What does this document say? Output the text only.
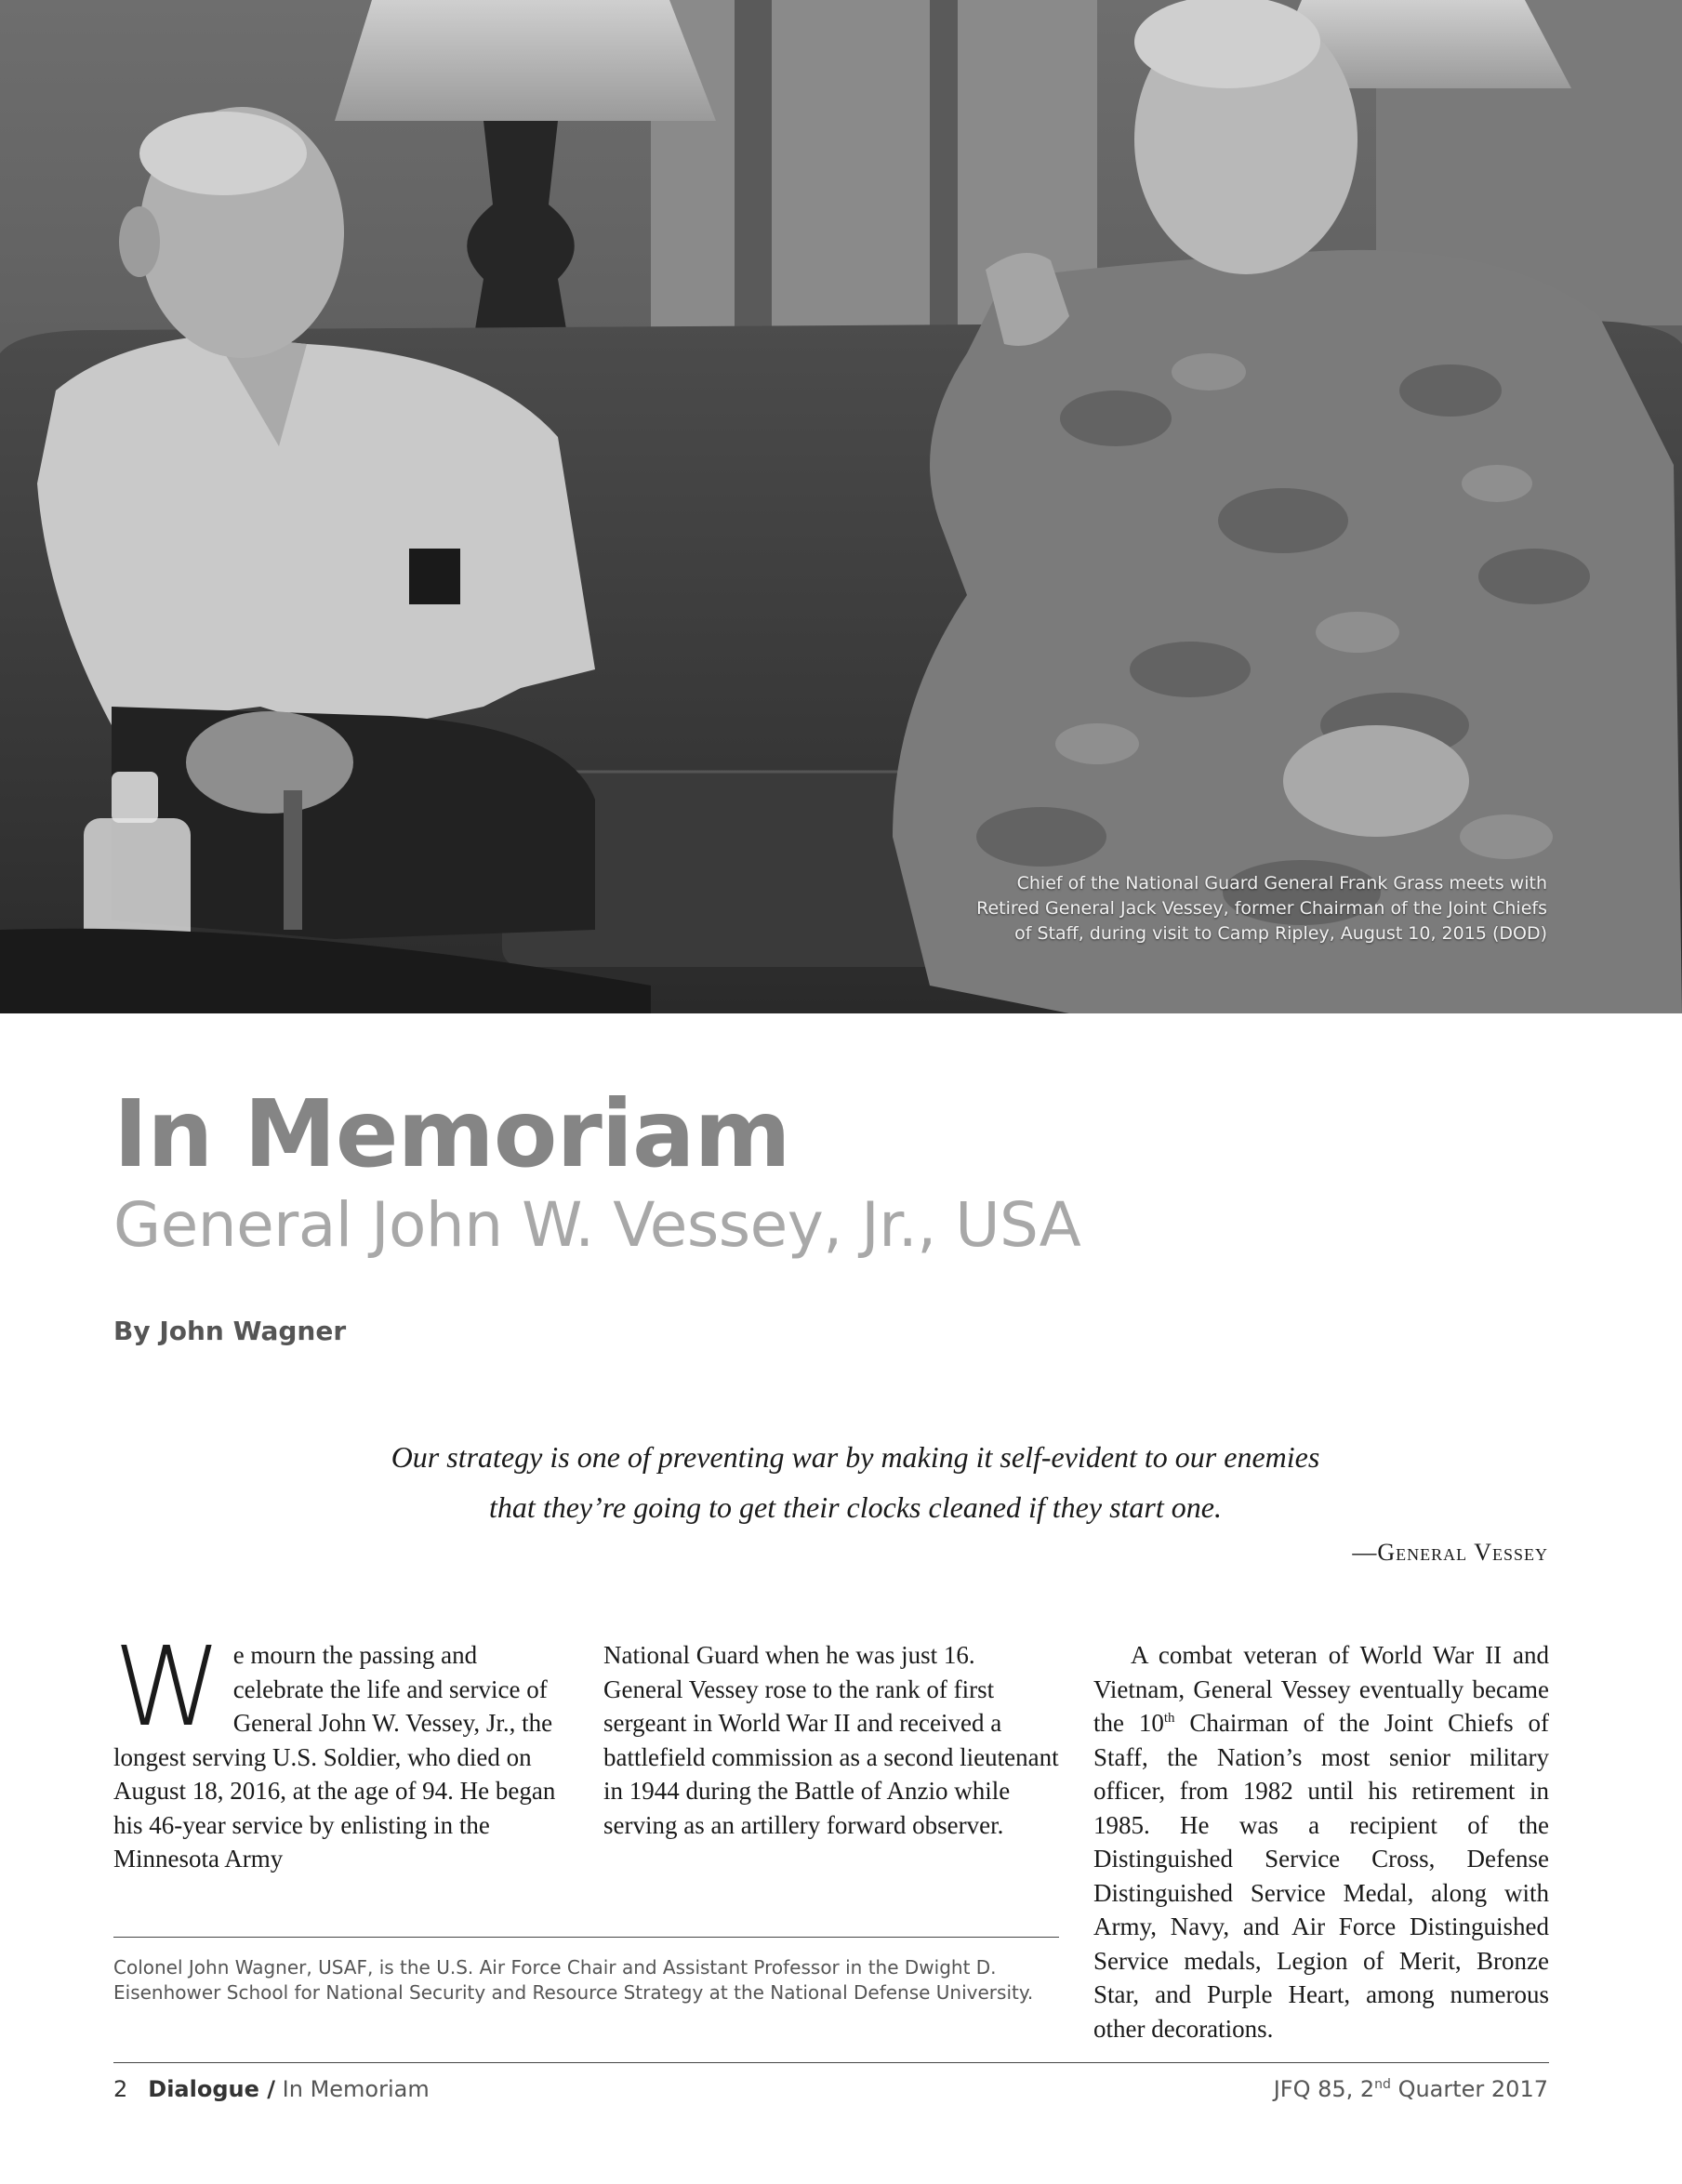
Chief of the National Guard General Frank Grass meets with
Retired General Jack Vessey, former Chairman of the Joint Chiefs
of Staff, during visit to Camp Ripley, August 10, 2015 (DOD)
In Memoriam
General John W. Vessey, Jr., USA
By John Wagner
Our strategy is one of preventing war by making it self-evident to our enemies
that they’re going to get their clocks cleaned if they start one.
—General Vessey
We mourn the passing and celebrate the life and service of General John W. Vessey, Jr., the longest serving U.S. Soldier, who died on August 18, 2016, at the age of 94. He began his 46-year service by enlisting in the Minnesota Army
National Guard when he was just 16. General Vessey rose to the rank of first sergeant in World War II and received a battlefield commission as a second lieutenant in 1944 during the Battle of Anzio while serving as an artillery forward observer.
A combat veteran of World War II and Vietnam, General Vessey eventually became the 10th Chairman of the Joint Chiefs of Staff, the Nation’s most senior military officer, from 1982 until his retirement in 1985. He was a recipient of the Distinguished Service Cross, Defense Distinguished Service Medal, along with Army, Navy, and Air Force Distinguished Service medals, Legion of Merit, Bronze Star, and Purple Heart, among numerous other decorations.
Colonel John Wagner, USAF, is the U.S. Air Force Chair and Assistant Professor in the Dwight D. Eisenhower School for National Security and Resource Strategy at the National Defense University.
2 Dialogue / In Memoriam	JFQ 85, 2nd Quarter 2017
